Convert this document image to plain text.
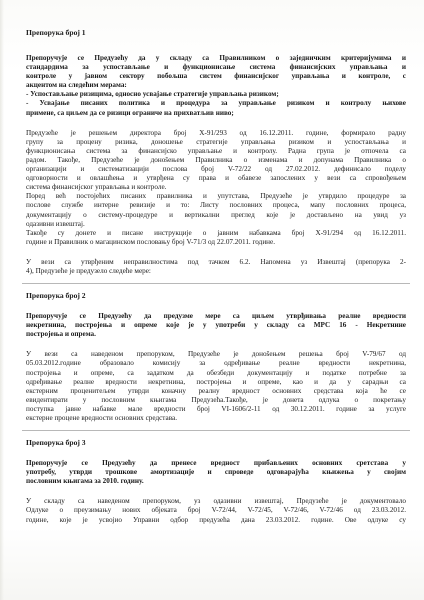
Препорука број 1
Препоручује се Предузећу да у складу са Правилником о заједничким критеријумима и
стандардима за успостављање и функционисање система финансијских управљања и
контроле у јавном сектору побољша систем финансијског управљања и контроле, с
акцентом на следећим мерама:
- Успостављање ризицима, односно усвајање стратегије управљања ризиком;
- Усвајање писаних политика и процедура за управљање ризиком и контролу њихове
примене, са циљем да се ризици ограниче на прихватљив ниво;
Предузеће је решењем директора број Х-91/293 од 16.12.2011. године, формирало радну
групу за процену ризика, доношење стратегије управљања ризиком и успостављања и
функционисања система за финансијско управљање и контролу. Радна група је отпочела са
радом. Такође, Предузеће је донošењем Правилника о изменама и допунама Правилника о
организацији и систематизацији послова број V-72/22 од 27.02.2012. дефинисало поделу
одговорности и овлашћења и утврђена су права и обавезе запослених у вези са спровођењем
система финансијског управљања и контроле.
Поред већ постојећих писаних правилника и упутстава, Предузеће је утврдило процедуре за
пословe службе интерне ревизије и то: Листу пословних процеса, мапу пословних процеса,
документацију о систему-процедуре и вертикални преглед које је достављено на увид уз
одазивни извештај.
Такође су донете и писане инструкције о јавним набавкама број Х-91/294 од 16.12.2011.
године и Правилник о магацинском пословању број V-71/3 од 22.07.2011. године.
У вези са утврђеним неправилностима под тачком 6.2. Напомена уз Извештај (препорука 2-
4), Предузеће је предузело следеће мере:
Препорука број 2
Препоручује се Предузећу да предузме мере са циљем утврђивања реалне вредности
некретнина, постројења и опреме које је у употреби у складу са МРС 16 - Некретнине
постројења и опрема.
У вези са наведеном препоруком, Предузеће је донošењем решења број V-79/67 од
05.03.2012.године образовало комисију за одређивање реалне вредности некретнина,
постројења и опреме, са задатком да обезбеди документацију и податке потребне за
одређивање реалне вредности некретнина, постројења и опреме, као и да у сарадњи са
екстерним проценитељем утврди коначну реалну вредност основних средстава која ће се
евидентирати у пословним књигама Предузећа.Такође, је донета одлука о покретању
поступка јавне набавке мале вредности број VI-1606/2-11 од 30.12.2011. године за услуге
екстерне процене вредности основних средстава.
Препорука број 3
Препоручује се Предузећу да пренесе вредност прибављених основних сретстава у
употребу, утврди трошкове амортизације и спроведе одговарајућа књижења у својим
пословним књигама за 2010. годину.
У складу са наведеном препоруком, уз одазивни извештај, Предузеће је документовало
Одлуке о преузимању нових објеката број V-72/44, V-72/45, V-72/46, V-72/46 од 23.03.2012.
године, које је усвојио Управни одбор предузећа дана 23.03.2012. године. Ове одлуке су
